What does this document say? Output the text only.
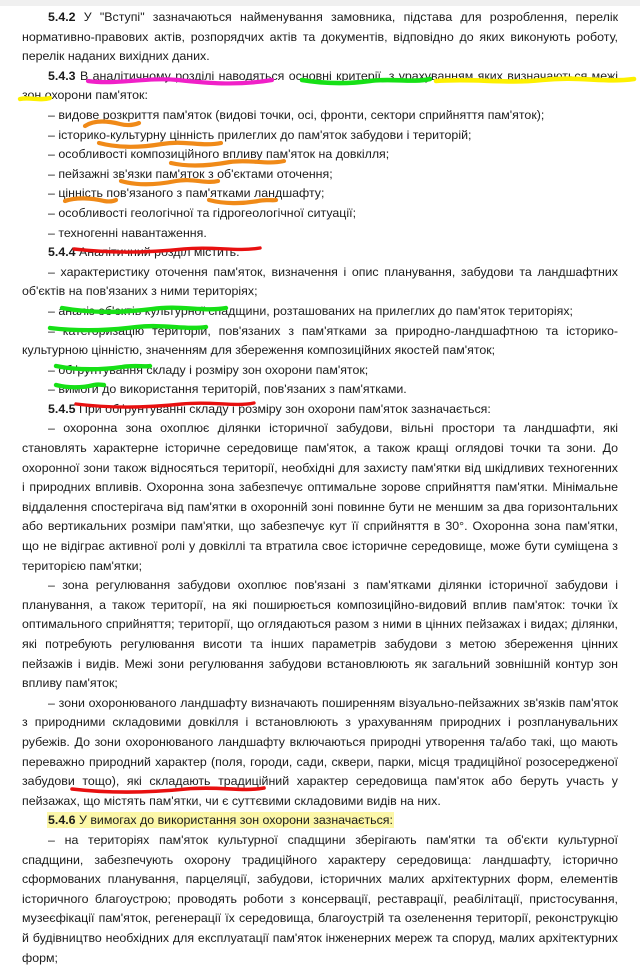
5.4.2 У "Вступі" зазначаються найменування замовника, підстава для розроблення, перелік нормативно-правових актів, розпорядчих актів та документів, відповідно до яких виконують роботу, перелік наданих вихідних даних.

5.4.3 В аналітичному розділі наводяться основні критерії, з урахуванням яких визначаються межі зон охорони пам'яток:

– видове розкриття пам'яток (видові точки, осі, фронти, сектори сприйняття пам'яток);

– історико-культурну цінність прилеглих до пам'яток забудови і територій;

– особливості композиційного впливу пам'яток на довкілля;

– пейзажні зв'язки пам'яток з об'єктами оточення;

– цінність пов'язаного з пам'ятками ландшафту;

– особливості геологічної та гідрогеологічної ситуації;

– техногенні навантаження.

5.4.4 Аналітичний розділ містить:

– характеристику оточення пам'яток, визначення і опис планування, забудови та ландшафтних об'єктів на пов'язаних з ними територіях;

– аналіз об'єктів культурної спадщини, розташованих на прилеглих до пам'яток територіях;

– категоризацію територій, пов'язаних з пам'ятками за природно-ландшафтною та історико-культурною цінністю, значенням для збереження композиційних якостей пам'яток;

– обґрунтування складу і розміру зон охорони пам'яток;

– вимоги до використання територій, пов'язаних з пам'ятками.

5.4.5 При обґрунтуванні складу і розміру зон охорони пам'яток зазначається:

– охоронна зона охоплює ділянки історичної забудови, вільні простори та ландшафти, які становлять характерне історичне середовище пам'яток, а також кращі оглядові точки та зони. До охоронної зони також відносяться території, необхідні для захисту пам'ятки від шкідливих техногенних і природних впливів. Охоронна зона забезпечує оптимальне зорове сприйняття пам'ятки. Мінімальне віддалення спостерігача від пам'ятки в охоронній зоні повинне бути не меншим за два горизонтальних або вертикальних розміри пам'ятки, що забезпечує кут її сприйняття в 30°. Охоронна зона пам'ятки, що не відіграє активної ролі у довкіллі та втратила своє історичне середовище, може бути суміщена з територією пам'ятки;

– зона регулювання забудови охоплює пов'язані з пам'ятками ділянки історичної забудови і планування, а також території, на які поширюється композиційно-видовий вплив пам'яток: точки їх оптимального сприйняття; території, що оглядаються разом з ними в цінних пейзажах і видах; ділянки, які потребують регулювання висоти та інших параметрів забудови з метою збереження цінних пейзажів і видів. Межі зони регулювання забудови встановлюють як загальний зовнішній контур зон впливу пам'яток;

– зони охоронюваного ландшафту визначають поширенням візуально-пейзажних зв'язків пам'яток з природними складовими довкілля і встановлюють з урахуванням природних і розпланувальних рубежів. До зони охоронюваного ландшафту включаються природні утворення та/або такі, що мають переважно природний характер (поля, городи, сади, сквери, парки, місця традиційної розосередженої забудови тощо), які складають традиційний характер середовища пам'яток або беруть участь у пейзажах, що містять пам'ятки, чи є суттєвими складовими видів на них.

5.4.6 У вимогах до використання зон охорони зазначається:

– на територіях пам'яток культурної спадщини зберігають пам'ятки та об'єкти культурної спадщини, забезпечують охорону традиційного характеру середовища: ландшафту, історично сформованих планування, парцеляції, забудови, історичних малих архітектурних форм, елементів історичного благоустрою; проводять роботи з консервації, реставрації, реабілітації, пристосування, музеєфікації пам'яток, регенерації їх середовища, благоустрій та озеленення території, реконструкцію й будівництво необхідних для експлуатації пам'яток інженерних мереж та споруд, малих архітектурних форм;
